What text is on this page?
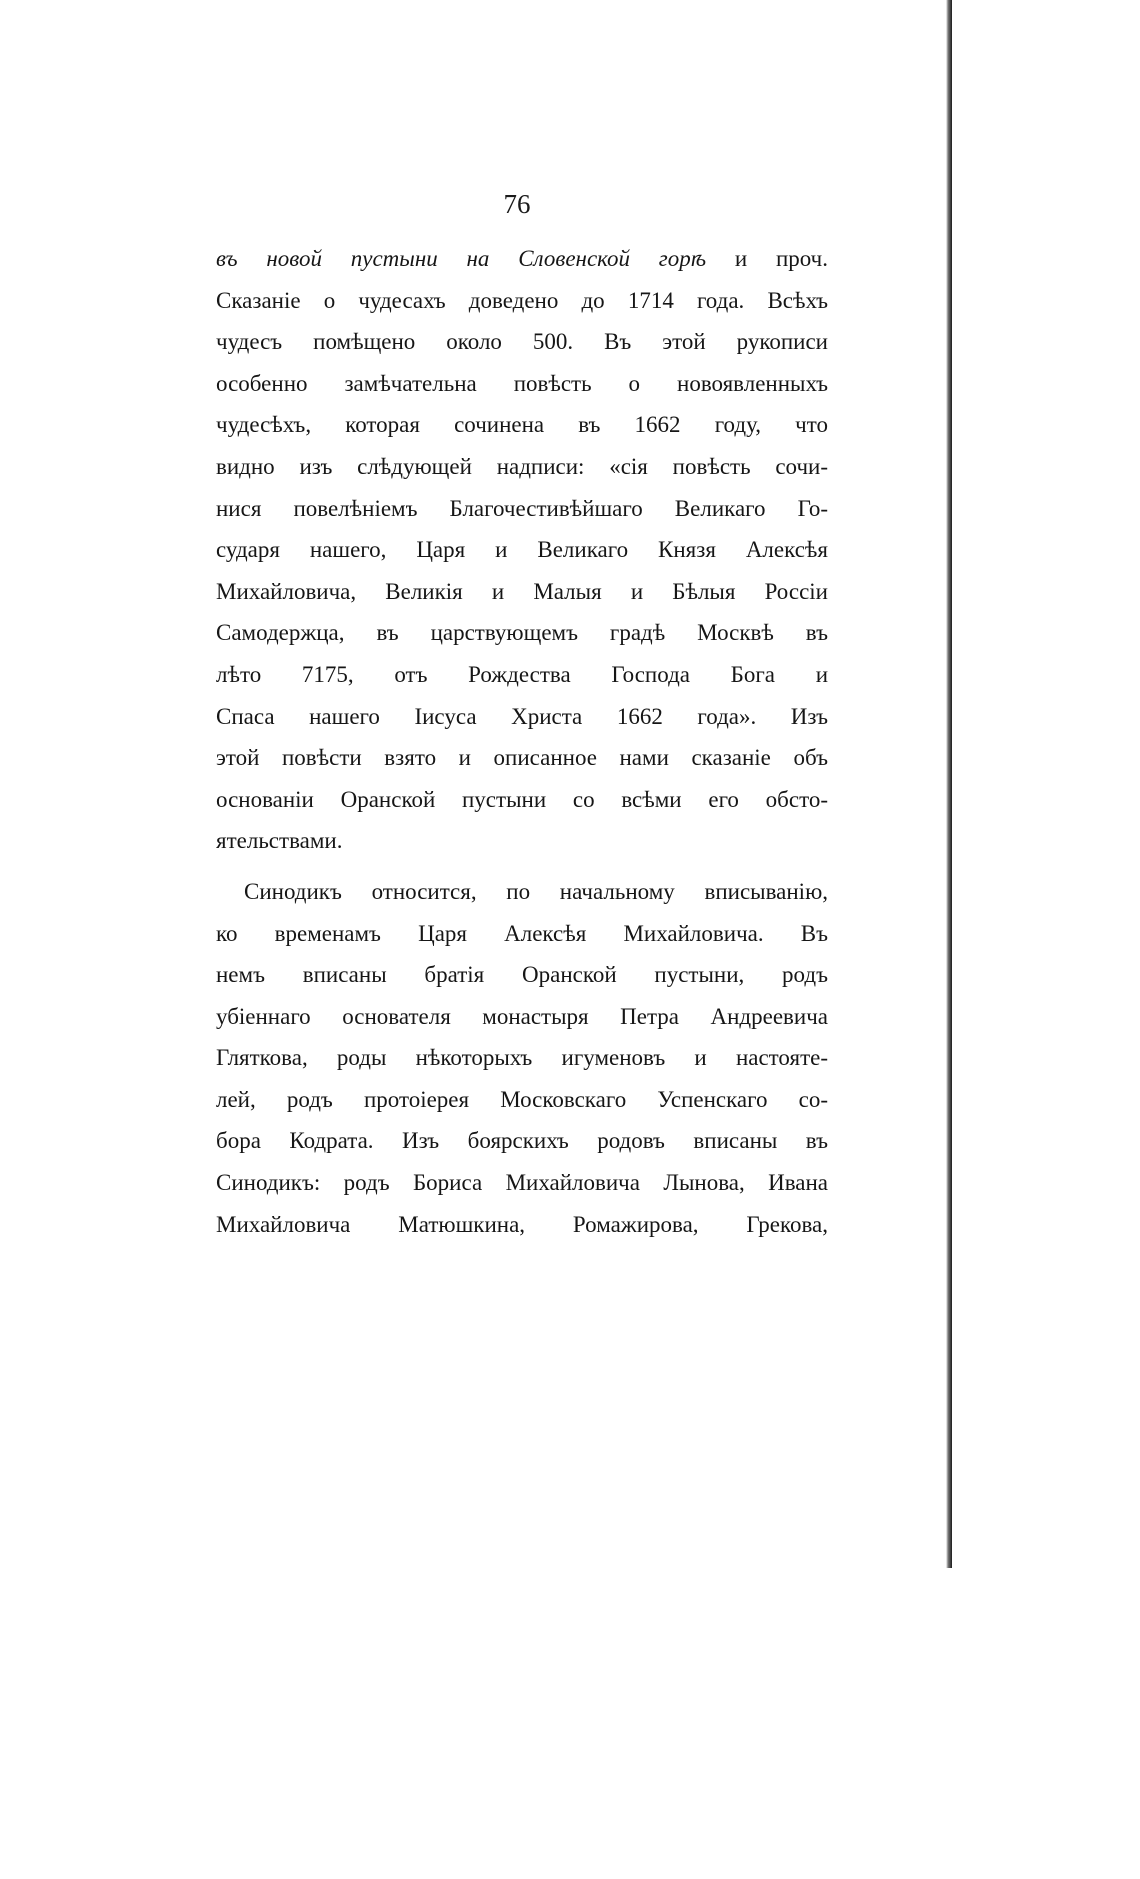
76
въ новой пустыни на Словенской горѣ и проч.
Сказаніе о чудесахъ доведено до 1714 года. Всѣхъ
чудесъ помѣщено около 500. Въ этой рукописи
особенно замѣчательна повѣсть о новоявленныхъ
чудесѣхъ, которая сочинена въ 1662 году, что
видно изъ слѣдующей надписи: «сія повѣсть сочи-
нися повелѣніемъ Благочестивѣйшаго Великаго Го-
сударя нашего, Царя и Великаго Князя Алексѣя
Михайловича, Великія и Малыя и Бѣлыя Россіи
Самодержца, въ царствующемъ градѣ Москвѣ въ
лѣто 7175, отъ Рождества Господа Бога и
Спаса нашего Іисуса Христа 1662 года». Изъ
этой повѣсти взято и описанное нами сказаніе объ
основаніи Оранской пустыни со всѣми его обсто-
ятельствами.
Синодикъ относится, по начальному вписыванію,
ко временамъ Царя Алексѣя Михайловича. Въ
немъ вписаны братія Оранской пустыни, родъ
убіеннаго основателя монастыря Петра Андреевича
Гляткова, роды нѣкоторыхъ игуменовъ и настояте-
лей, родъ протоіерея Московскаго Успенскаго со-
бора Кодрата. Изъ боярскихъ родовъ вписаны въ
Синодикъ: родъ Бориса Михайловича Лынова, Ивана
Михайловича Матюшкина, Ромажирова, Грекова,
